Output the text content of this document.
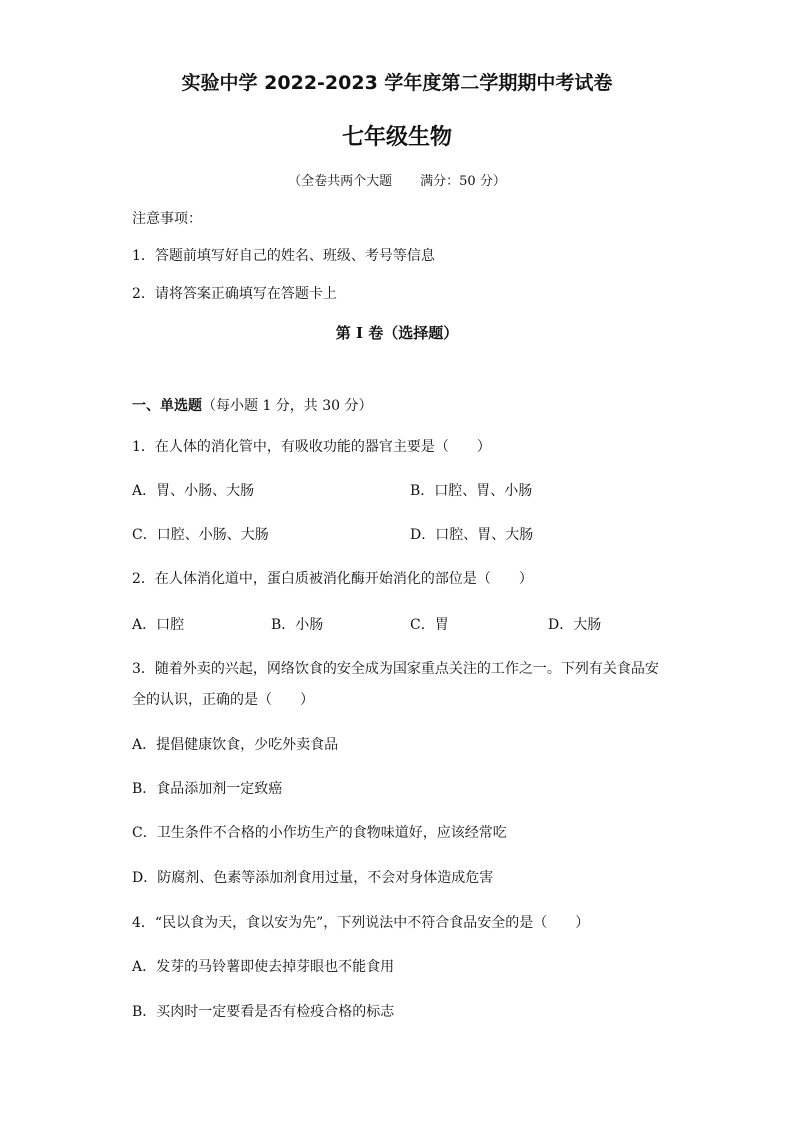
实验中学 2022-2023 学年度第二学期期中考试卷
七年级生物
（全卷共两个大题 满分：50 分）
注意事项：
1．答题前填写好自己的姓名、班级、考号等信息
2．请将答案正确填写在答题卡上
第 I 卷（选择题）
一、单选题（每小题 1 分，共 30 分）
1．在人体的消化管中，有吸收功能的器官主要是（　　）
A．胃、小肠、大肠	B．口腔、胃、小肠
C．口腔、小肠、大肠	D．口腔、胃、大肠
2．在人体消化道中，蛋白质被消化酶开始消化的部位是（　　）
A．口腔	B．小肠	C．胃	D．大肠
3．随着外卖的兴起，网络饮食的安全成为国家重点关注的工作之一。下列有关食品安
全的认识，正确的是（　　）
A．提倡健康饮食，少吃外卖食品
B．食品添加剂一定致癌
C．卫生条件不合格的小作坊生产的食物味道好，应该经常吃
D．防腐剂、色素等添加剂食用过量，不会对身体造成危害
4．“民以食为天，食以安为先”，下列说法中不符合食品安全的是（　　）
A．发芽的马铃薯即使去掉芽眼也不能食用
B．买肉时一定要看是否有检疫合格的标志
